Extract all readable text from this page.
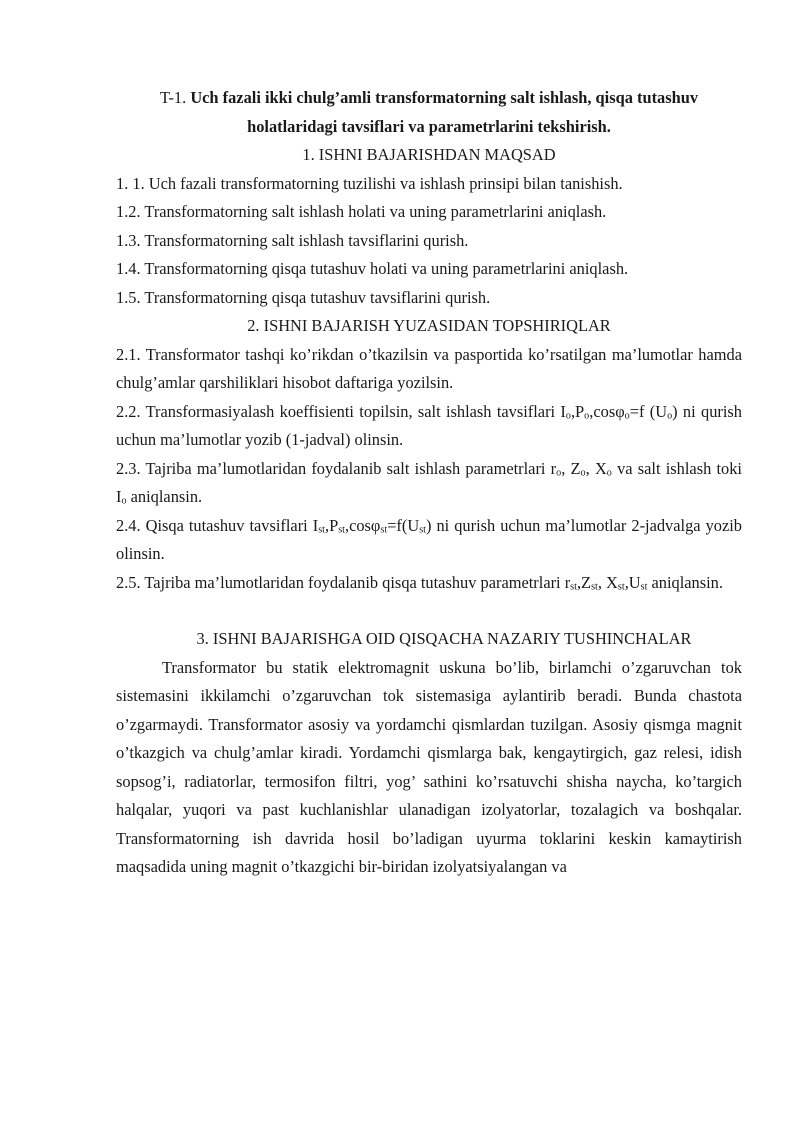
T-1. Uch fazali ikki chulg’amli transformatorning salt ishlash, qisqa tutashuv holatlaridagi tavsiflari va parametrlarini tekshirish.

1. ISHNI BAJARISHDAN MAQSAD

1. 1. Uch fazali transformatorning tuzilishi va ishlash prinsipi bilan tanishish.

1.2. Transformatorning salt ishlash holati va uning parametrlarini aniqlash.

1.3. Transformatorning salt ishlash tavsiflarini qurish.

1.4. Transformatorning qisqa tutashuv holati va uning parametrlarini aniqlash.

1.5. Transformatorning qisqa tutashuv tavsiflarini qurish.

2. ISHNI BAJARISH YUZASIDAN TOPSHIRIQLAR

2.1. Transformator tashqi ko’rikdan o’tkazilsin va pasportida ko’rsatilgan ma’lumotlar hamda chulg’amlar qarshiliklari hisobot daftariga yozilsin.

2.2. Transformasiyalash koeffisienti topilsin, salt ishlash tavsiflari $I_o,P_o,\cos\varphi_o=f$ $(U_o)$ ni qurish uchun ma’lumotlar yozib (1-jadval) olinsin.

2.3. Tajriba ma’lumotlaridan foydalanib salt ishlash parametrlari $r_o$, $Z_o$, $X_o$ va salt ishlash toki $I_o$ aniqlansin.

2.4. Qisqa tutashuv tavsiflari $I_{st},P_{st},\cos\varphi_{st}=f(U_{st})$ ni qurish uchun ma’lumotlar 2-jadvalga yozib olinsin.

2.5. Tajriba ma’lumotlaridan foydalanib qisqa tutashuv parametrlari $r_{st},Z_{st}$, $X_{st},U_{st}$ aniqlansin.

3. ISHNI BAJARISHGA OID QISQACHA NAZARIY TUSHINCHALAR

Transformator bu statik elektromagnit uskuna bo’lib, birlamchi o’zgaruvchan tok sistemasini ikkilamchi o’zgaruvchan tok sistemasiga aylantirib beradi. Bunda chastota o’zgarmaydi. Transformator asosiy va yordamchi qismlardan tuzilgan. Asosiy qismga magnit o’tkazgich va chulg’amlar kiradi. Yordamchi qismlarga bak, kengaytirgich, gaz relesi, idish sopsog’i, radiatorlar, termosifon filtri, yog’ sathini ko’rsatuvchi shisha naycha, ko’targich halqalar, yuqori va past kuchlanishlar ulanadigan izolyatorlar, tozalagich va boshqalar. Transformatorning ish davrida hosil bo’ladigan uyurma toklarini keskin kamaytirish maqsadida uning magnit o’tkazgichi bir-biridan izolyatsiyalangan va
